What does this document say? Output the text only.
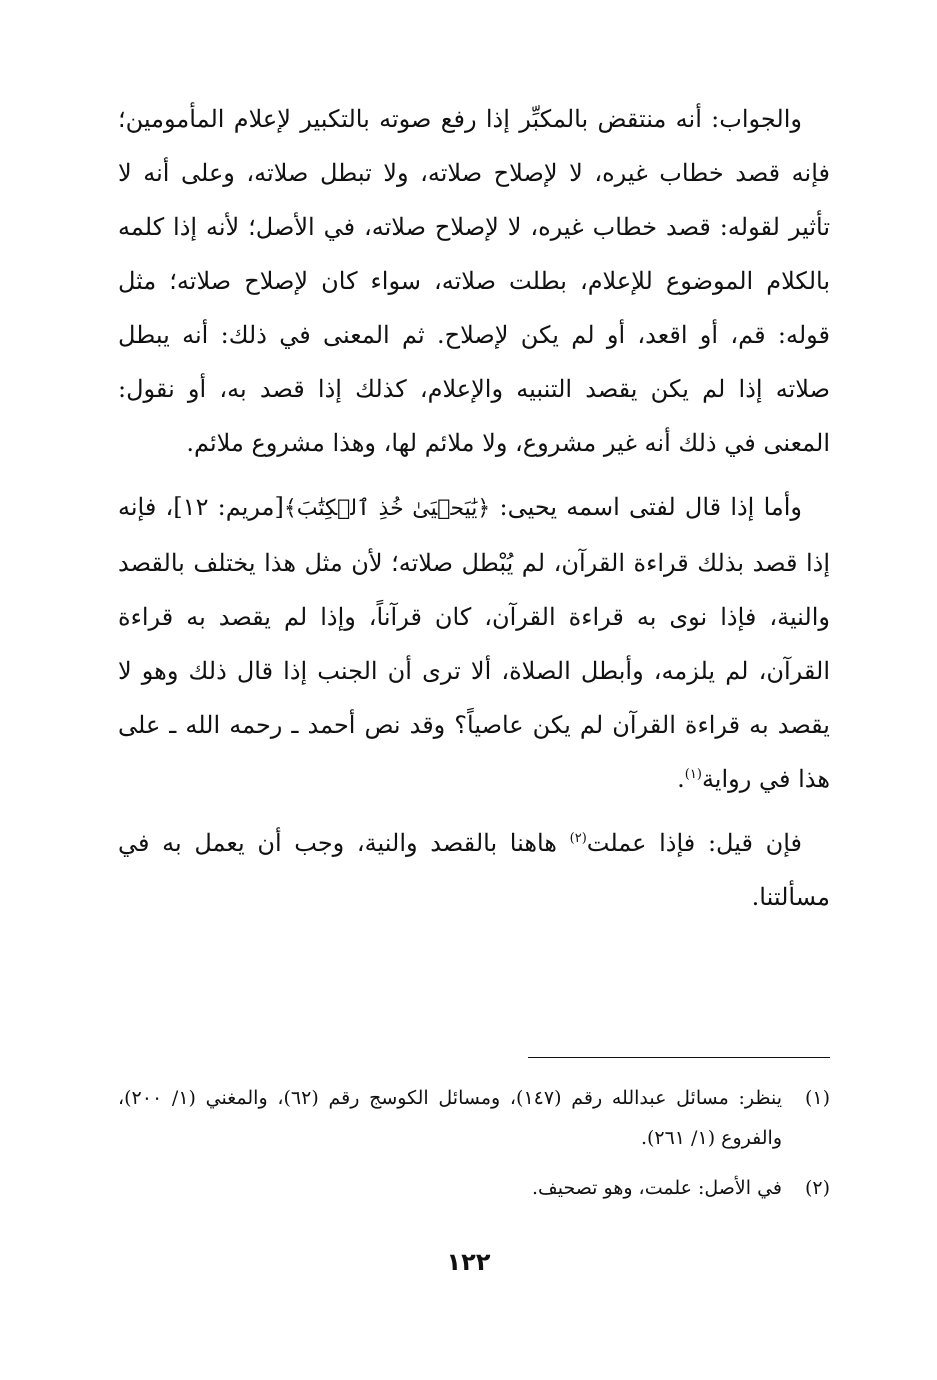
والجواب: أنه منتقض بالمكبِّر إذا رفع صوته بالتكبير لإعلام المأمومين؛ فإنه قصد خطاب غيره، لا لإصلاح صلاته، ولا تبطل صلاته، وعلى أنه لا تأثير لقوله: قصد خطاب غيره، لا لإصلاح صلاته، في الأصل؛ لأنه إذا كلمه بالكلام الموضوع للإعلام، بطلت صلاته، سواء كان لإصلاح صلاته؛ مثل قوله: قم، أو اقعد، أو لم يكن لإصلاح. ثم المعنى في ذلك: أنه يبطل صلاته إذا لم يكن يقصد التنبيه والإعلام، كذلك إذا قصد به، أو نقول: المعنى في ذلك أنه غير مشروع، ولا ملائم لها، وهذا مشروع ملائم.

وأما إذا قال لفتى اسمه يحيى: ﴿يَٰيَحۡيَىٰ خُذِ ٱلۡكِتَٰبَ﴾[مريم: ١٢]، فإنه إذا قصد بذلك قراءة القرآن، لم يُبْطل صلاته؛ لأن مثل هذا يختلف بالقصد والنية، فإذا نوى به قراءة القرآن، كان قرآناً، وإذا لم يقصد به قراءة القرآن، لم يلزمه، وأبطل الصلاة، ألا ترى أن الجنب إذا قال ذلك وهو لا يقصد به قراءة القرآن لم يكن عاصياً؟ وقد نص أحمد ـ رحمه الله ـ على هذا في رواية$^{(١)}$.

فإن قيل: فإذا عملت$^{(٢)}$ هاهنا بالقصد والنية، وجب أن يعمل به في مسألتنا.

(١)
ينظر: مسائل عبدالله رقم (١٤٧)، ومسائل الكوسج رقم (٦٢)، والمغني (١/ ٢٠٠)، والفروع (١/ ٢٦١).
(٢)
في الأصل: علمت، وهو تصحيف.
١٢٢
